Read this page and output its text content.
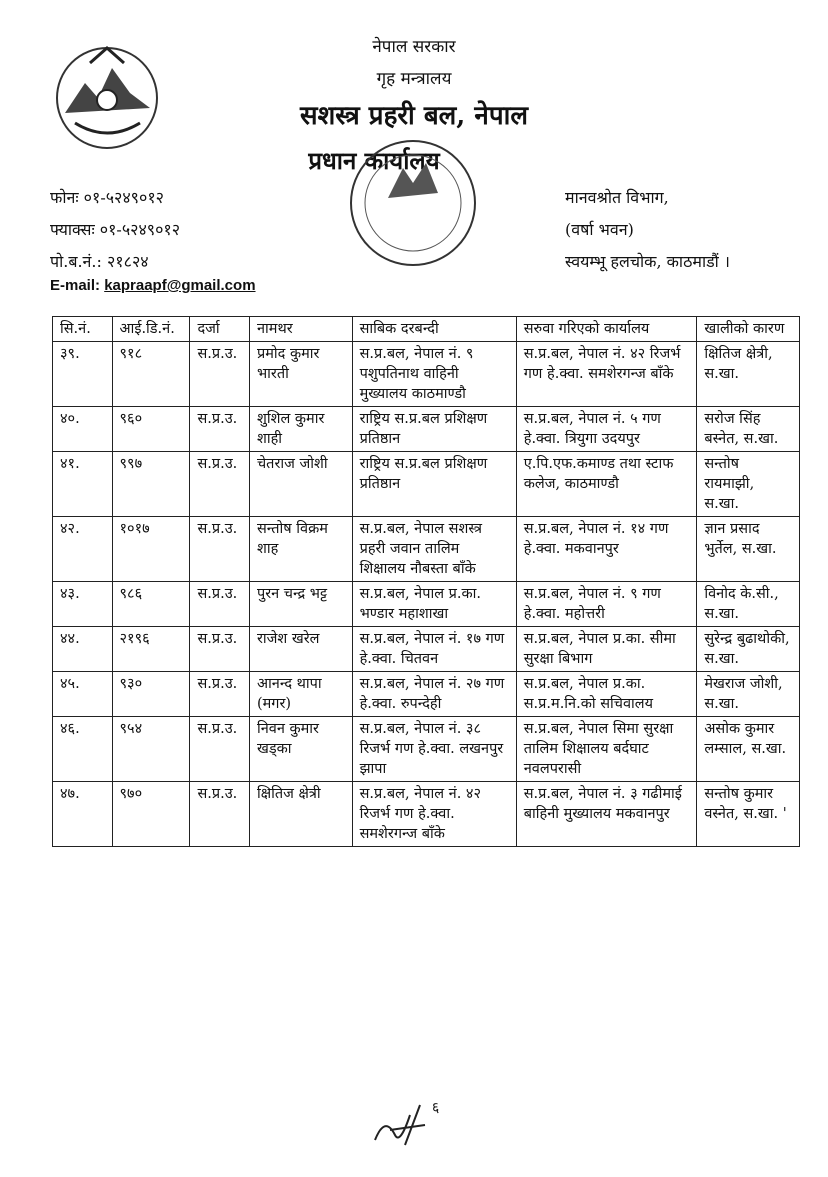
नेपाल सरकार
गृह मन्त्रालय
सशस्त्र प्रहरी बल, नेपाल
प्रधान कार्यालय
फोनः ०१-५२४९०१२
फ्याक्सः ०१-५२४९०१२
पो.ब.नं.: २१८२४
E-mail: kapraapf@gmail.com
मानवश्रोत विभाग,
(वर्षा भवन)
स्वयम्भू हलचोक, काठमाडौं ।
सि.नं.	आई.डि.नं.	दर्जा	नामथर	साबिक दरबन्दी	सरुवा गरिएको कार्यालय	खालीको कारण
३९.	९१८	स.प्र.उ.	प्रमोद कुमार भारती	स.प्र.बल, नेपाल नं. ९ पशुपतिनाथ वाहिनी मुख्यालय काठमाण्डौ	स.प्र.बल, नेपाल नं. ४२ रिजर्भ गण हे.क्वा. समशेरगन्ज बाँके	क्षितिज क्षेत्री, स.खा.
४०.	९६०	स.प्र.उ.	शुशिल कुमार शाही	राष्ट्रिय स.प्र.बल प्रशिक्षण प्रतिष्ठान	स.प्र.बल, नेपाल नं. ५ गण हे.क्वा. त्रियुगा उदयपुर	सरोज सिंह बस्नेत, स.खा.
४१.	९९७	स.प्र.उ.	चेतराज जोशी	राष्ट्रिय स.प्र.बल प्रशिक्षण प्रतिष्ठान	ए.पि.एफ.कमाण्ड तथा स्टाफ कलेज, काठमाण्डौ	सन्तोष रायमाझी, स.खा.
४२.	१०१७	स.प्र.उ.	सन्तोष विक्रम शाह	स.प्र.बल, नेपाल सशस्त्र प्रहरी जवान तालिम शिक्षालय नौबस्ता बाँके	स.प्र.बल, नेपाल नं. १४ गण हे.क्वा. मकवानपुर	ज्ञान प्रसाद भुर्तेल, स.खा.
४३.	९८६	स.प्र.उ.	पुरन चन्द्र भट्ट	स.प्र.बल, नेपाल प्र.का. भण्डार महाशाखा	स.प्र.बल, नेपाल नं. ९ गण हे.क्वा. महोत्तरी	विनोद के.सी., स.खा.
४४.	२१९६	स.प्र.उ.	राजेश खरेल	स.प्र.बल, नेपाल नं. १७ गण हे.क्वा. चितवन	स.प्र.बल, नेपाल प्र.का. सीमा सुरक्षा बिभाग	सुरेन्द्र बुढाथोकी, स.खा.
४५.	९३०	स.प्र.उ.	आनन्द थापा (मगर)	स.प्र.बल, नेपाल नं. २७ गण हे.क्वा. रुपन्देही	स.प्र.बल, नेपाल प्र.का. स.प्र.म.नि.को सचिवालय	मेखराज जोशी, स.खा.
४६.	९५४	स.प्र.उ.	निवन कुमार खड्का	स.प्र.बल, नेपाल नं. ३८ रिजर्भ गण हे.क्वा. लखनपुर झापा	स.प्र.बल, नेपाल सिमा सुरक्षा तालिम शिक्षालय बर्दघाट नवलपरासी	असोक कुमार लम्साल, स.खा.
४७.	९७०	स.प्र.उ.	क्षितिज क्षेत्री	स.प्र.बल, नेपाल नं. ४२ रिजर्भ गण हे.क्वा. समशेरगन्ज बाँके	स.प्र.बल, नेपाल नं. ३ गढीमाई बाहिनी मुख्यालय मकवानपुर	सन्तोष कुमार वस्नेत, स.खा. '
६
